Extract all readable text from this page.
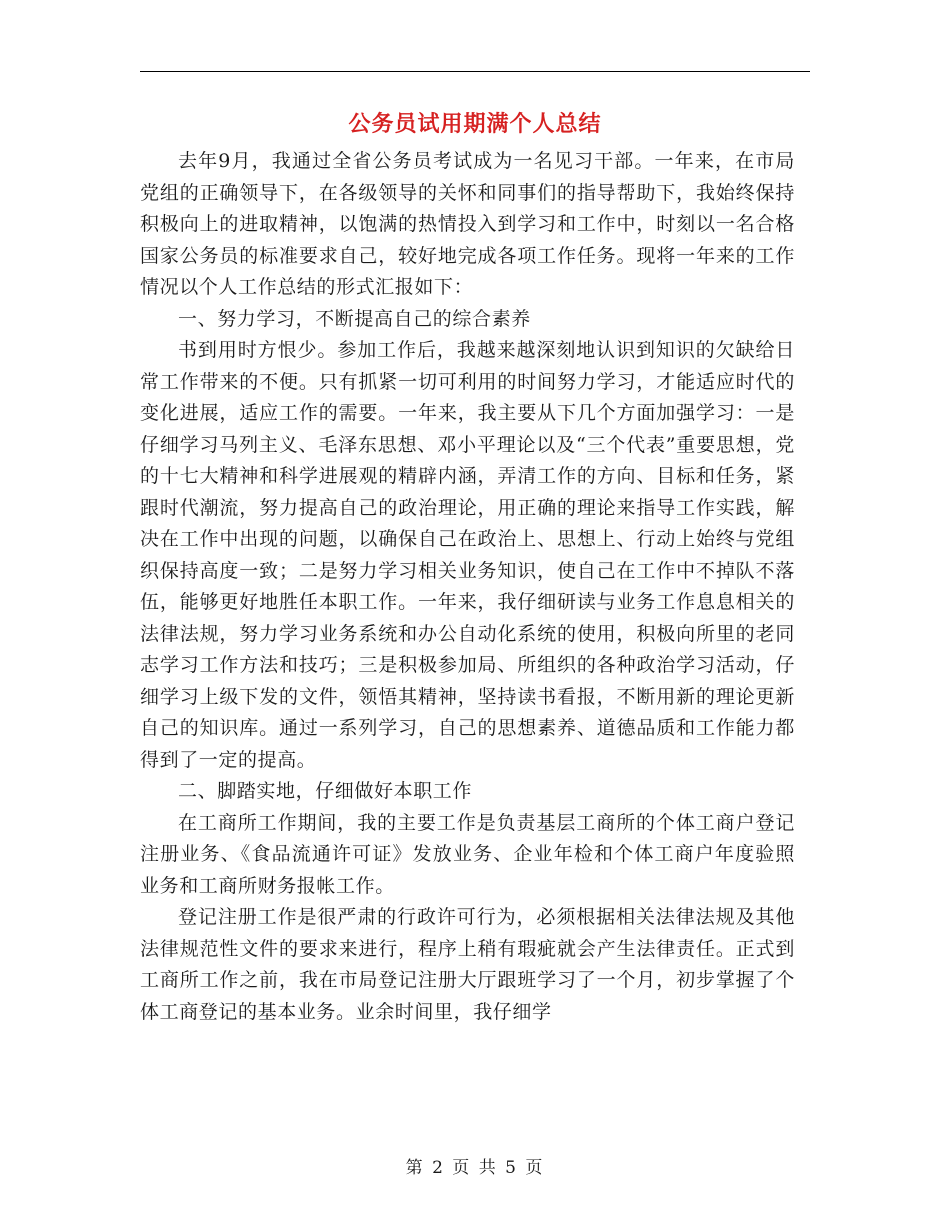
公务员试用期满个人总结

去年9月，我通过全省公务员考试成为一名见习干部。一年来，在市局党组的正确领导下，在各级领导的关怀和同事们的指导帮助下，我始终保持积极向上的进取精神，以饱满的热情投入到学习和工作中，时刻以一名合格国家公务员的标准要求自己，较好地完成各项工作任务。现将一年来的工作情况以个人工作总结的形式汇报如下：

一、努力学习，不断提高自己的综合素养

书到用时方恨少。参加工作后，我越来越深刻地认识到知识的欠缺给日常工作带来的不便。只有抓紧一切可利用的时间努力学习，才能适应时代的变化进展，适应工作的需要。一年来，我主要从下几个方面加强学习：一是仔细学习马列主义、毛泽东思想、邓小平理论以及“三个代表”重要思想，党的十七大精神和科学进展观的精辟内涵，弄清工作的方向、目标和任务，紧跟时代潮流，努力提高自己的政治理论，用正确的理论来指导工作实践，解决在工作中出现的问题，以确保自己在政治上、思想上、行动上始终与党组织保持高度一致；二是努力学习相关业务知识，使自己在工作中不掉队不落伍，能够更好地胜任本职工作。一年来，我仔细研读与业务工作息息相关的法律法规，努力学习业务系统和办公自动化系统的使用，积极向所里的老同志学习工作方法和技巧；三是积极参加局、所组织的各种政治学习活动，仔细学习上级下发的文件，领悟其精神，坚持读书看报，不断用新的理论更新自己的知识库。通过一系列学习，自己的思想素养、道德品质和工作能力都得到了一定的提高。

二、脚踏实地，仔细做好本职工作

在工商所工作期间，我的主要工作是负责基层工商所的个体工商户登记注册业务、《食品流通许可证》发放业务、企业年检和个体工商户年度验照业务和工商所财务报帐工作。

登记注册工作是很严肃的行政许可行为，必须根据相关法律法规及其他法律规范性文件的要求来进行，程序上稍有瑕疵就会产生法律责任。正式到工商所工作之前，我在市局登记注册大厅跟班学习了一个月，初步掌握了个体工商登记的基本业务。业余时间里，我仔细学

第 2 页 共 5 页
